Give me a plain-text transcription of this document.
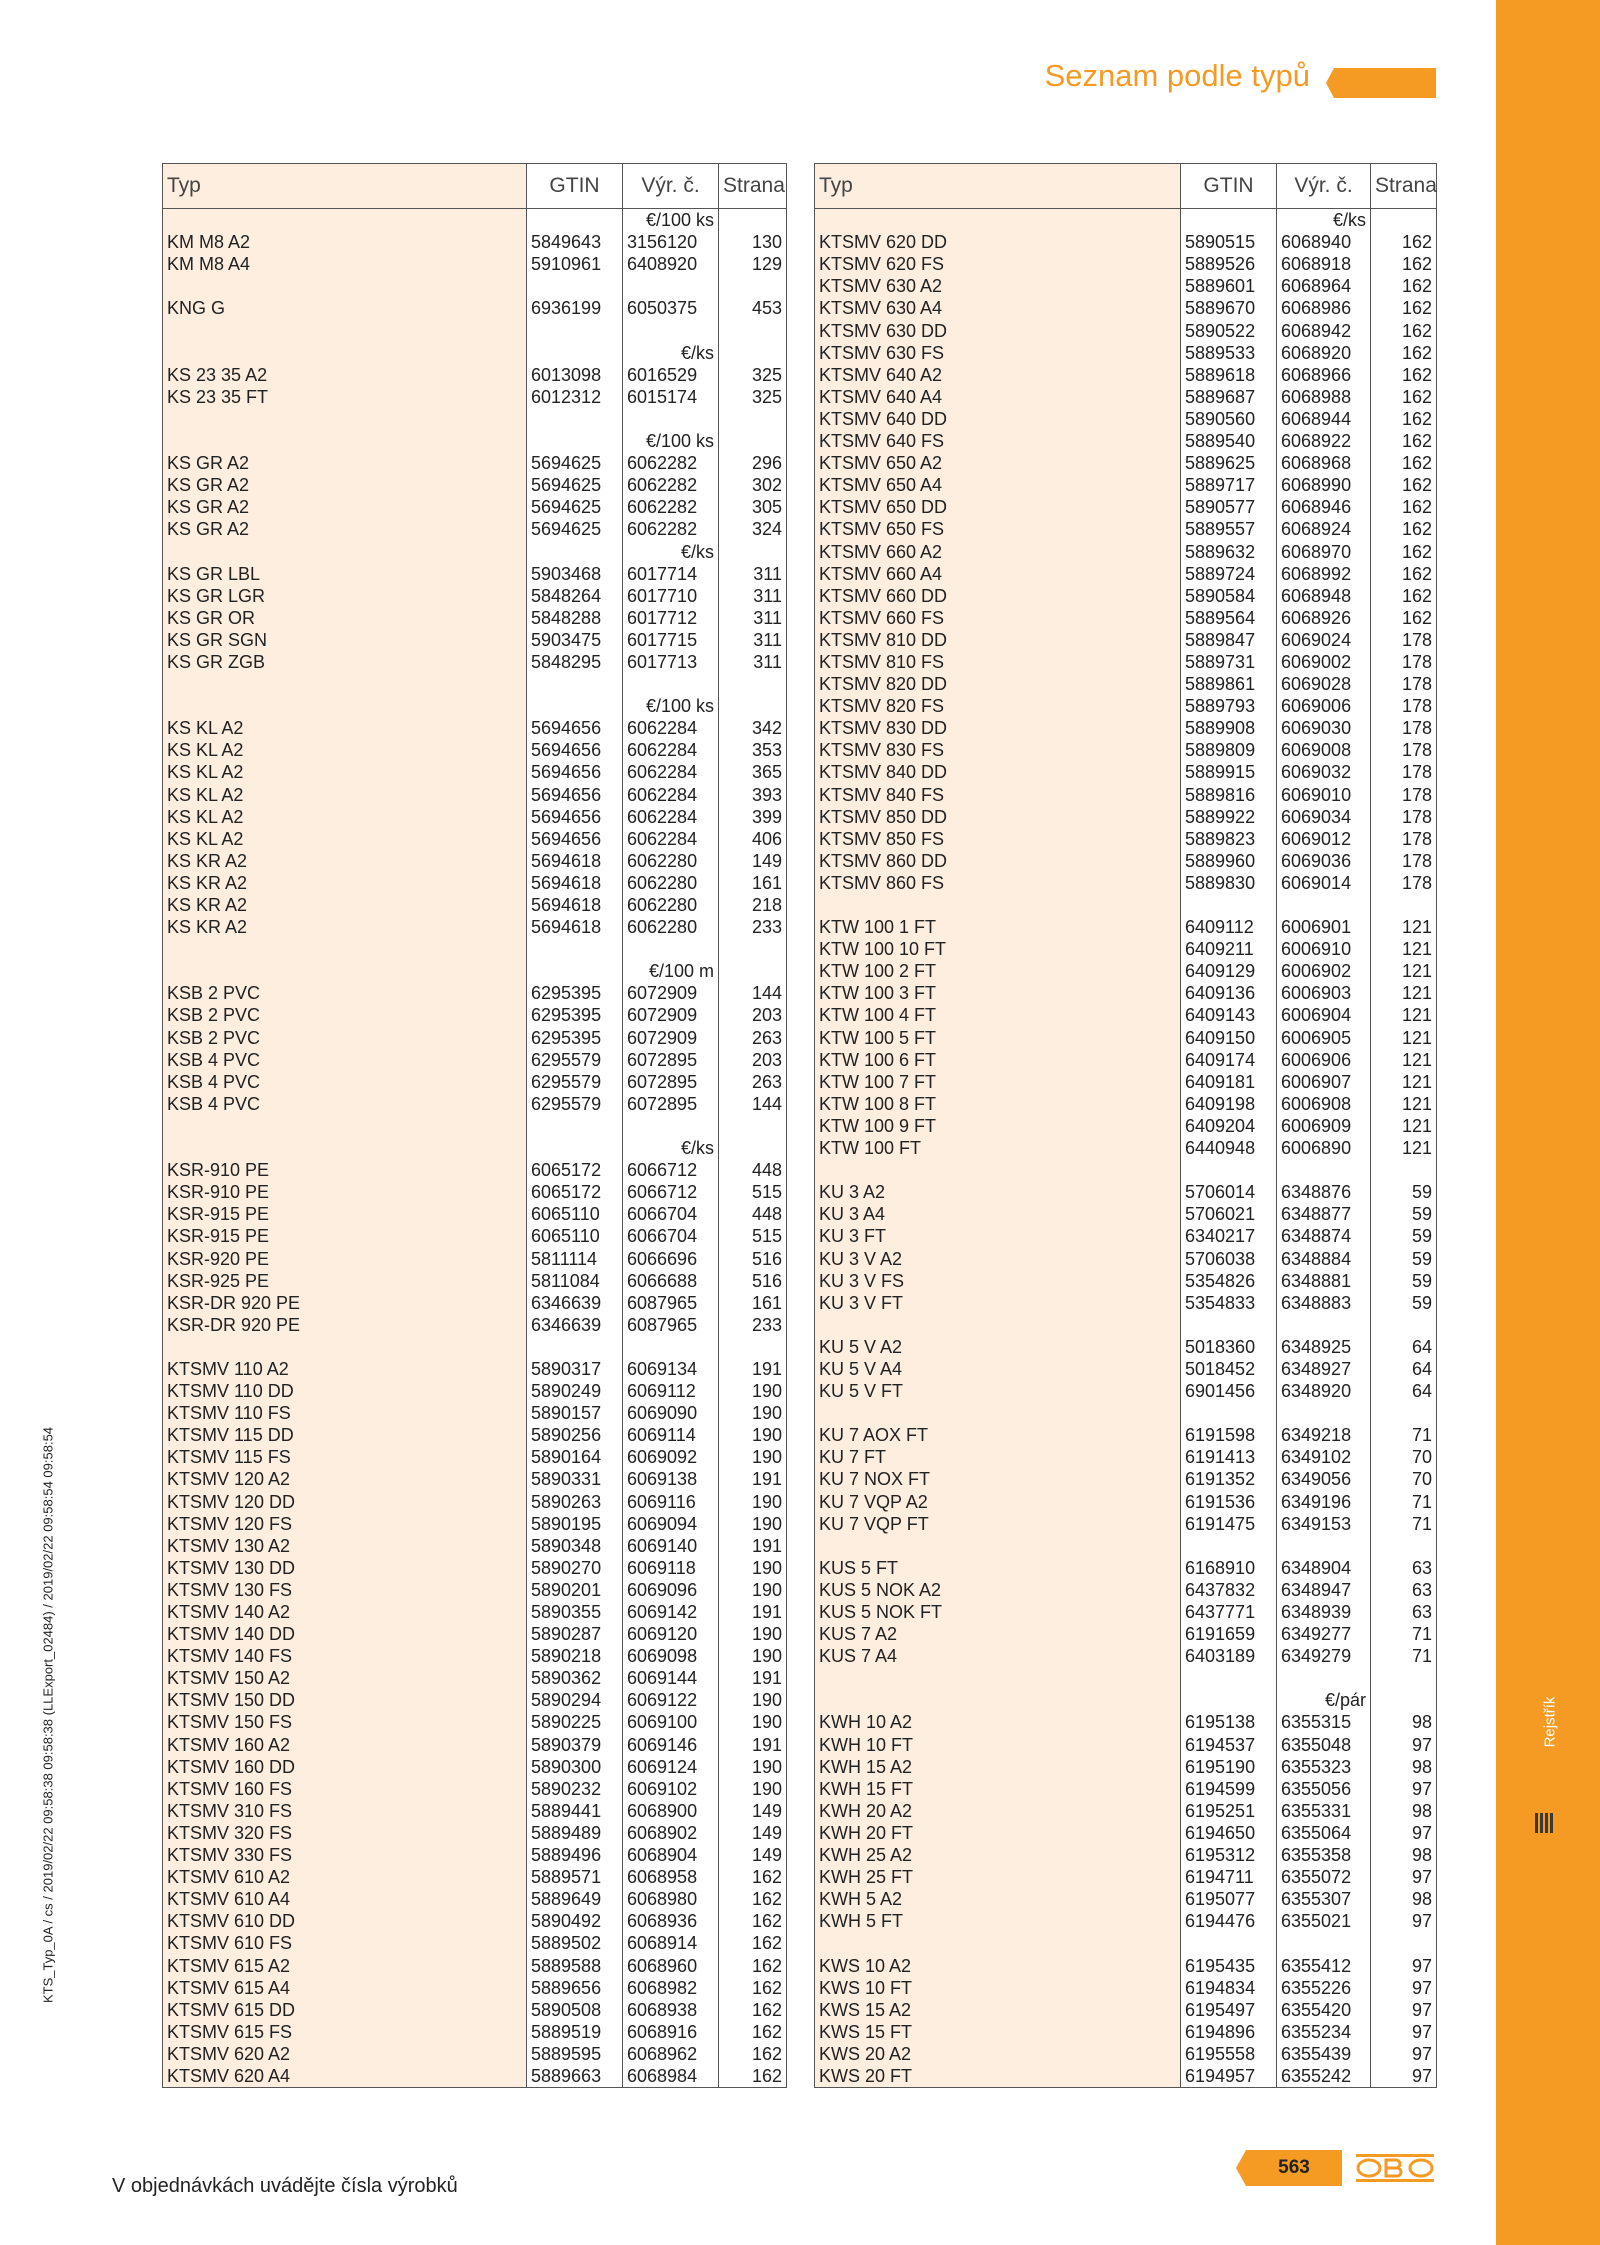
Rejstřík
Seznam podle typů
Typ	GTIN	Výr. č.	Strana
		€/100 ks	
KM M8 A2	5849643	3156120	130
KM M8 A4	5910961	6408920	129

KNG G	6936199	6050375	453

		€/ks	
KS 23 35 A2	6013098	6016529	325
KS 23 35 FT	6012312	6015174	325

		€/100 ks	
KS GR A2	5694625	6062282	296
KS GR A2	5694625	6062282	302
KS GR A2	5694625	6062282	305
KS GR A2	5694625	6062282	324
		€/ks	
KS GR LBL	5903468	6017714	311
KS GR LGR	5848264	6017710	311
KS GR OR	5848288	6017712	311
KS GR SGN	5903475	6017715	311
KS GR ZGB	5848295	6017713	311

		€/100 ks	
KS KL A2	5694656	6062284	342
KS KL A2	5694656	6062284	353
KS KL A2	5694656	6062284	365
KS KL A2	5694656	6062284	393
KS KL A2	5694656	6062284	399
KS KL A2	5694656	6062284	406
KS KR A2	5694618	6062280	149
KS KR A2	5694618	6062280	161
KS KR A2	5694618	6062280	218
KS KR A2	5694618	6062280	233

		€/100 m	
KSB 2 PVC	6295395	6072909	144
KSB 2 PVC	6295395	6072909	203
KSB 2 PVC	6295395	6072909	263
KSB 4 PVC	6295579	6072895	203
KSB 4 PVC	6295579	6072895	263
KSB 4 PVC	6295579	6072895	144

		€/ks	
KSR-910 PE	6065172	6066712	448
KSR-910 PE	6065172	6066712	515
KSR-915 PE	6065110	6066704	448
KSR-915 PE	6065110	6066704	515
KSR-920 PE	5811114	6066696	516
KSR-925 PE	5811084	6066688	516
KSR-DR 920 PE	6346639	6087965	161
KSR-DR 920 PE	6346639	6087965	233

KTSMV 110 A2	5890317	6069134	191
KTSMV 110 DD	5890249	6069112	190
KTSMV 110 FS	5890157	6069090	190
KTSMV 115 DD	5890256	6069114	190
KTSMV 115 FS	5890164	6069092	190
KTSMV 120 A2	5890331	6069138	191
KTSMV 120 DD	5890263	6069116	190
KTSMV 120 FS	5890195	6069094	190
KTSMV 130 A2	5890348	6069140	191
KTSMV 130 DD	5890270	6069118	190
KTSMV 130 FS	5890201	6069096	190
KTSMV 140 A2	5890355	6069142	191
KTSMV 140 DD	5890287	6069120	190
KTSMV 140 FS	5890218	6069098	190
KTSMV 150 A2	5890362	6069144	191
KTSMV 150 DD	5890294	6069122	190
KTSMV 150 FS	5890225	6069100	190
KTSMV 160 A2	5890379	6069146	191
KTSMV 160 DD	5890300	6069124	190
KTSMV 160 FS	5890232	6069102	190
KTSMV 310 FS	5889441	6068900	149
KTSMV 320 FS	5889489	6068902	149
KTSMV 330 FS	5889496	6068904	149
KTSMV 610 A2	5889571	6068958	162
KTSMV 610 A4	5889649	6068980	162
KTSMV 610 DD	5890492	6068936	162
KTSMV 610 FS	5889502	6068914	162
KTSMV 615 A2	5889588	6068960	162
KTSMV 615 A4	5889656	6068982	162
KTSMV 615 DD	5890508	6068938	162
KTSMV 615 FS	5889519	6068916	162
KTSMV 620 A2	5889595	6068962	162
KTSMV 620 A4	5889663	6068984	162
Typ	GTIN	Výr. č.	Strana
		€/ks	
KTSMV 620 DD	5890515	6068940	162
KTSMV 620 FS	5889526	6068918	162
KTSMV 630 A2	5889601	6068964	162
KTSMV 630 A4	5889670	6068986	162
KTSMV 630 DD	5890522	6068942	162
KTSMV 630 FS	5889533	6068920	162
KTSMV 640 A2	5889618	6068966	162
KTSMV 640 A4	5889687	6068988	162
KTSMV 640 DD	5890560	6068944	162
KTSMV 640 FS	5889540	6068922	162
KTSMV 650 A2	5889625	6068968	162
KTSMV 650 A4	5889717	6068990	162
KTSMV 650 DD	5890577	6068946	162
KTSMV 650 FS	5889557	6068924	162
KTSMV 660 A2	5889632	6068970	162
KTSMV 660 A4	5889724	6068992	162
KTSMV 660 DD	5890584	6068948	162
KTSMV 660 FS	5889564	6068926	162
KTSMV 810 DD	5889847	6069024	178
KTSMV 810 FS	5889731	6069002	178
KTSMV 820 DD	5889861	6069028	178
KTSMV 820 FS	5889793	6069006	178
KTSMV 830 DD	5889908	6069030	178
KTSMV 830 FS	5889809	6069008	178
KTSMV 840 DD	5889915	6069032	178
KTSMV 840 FS	5889816	6069010	178
KTSMV 850 DD	5889922	6069034	178
KTSMV 850 FS	5889823	6069012	178
KTSMV 860 DD	5889960	6069036	178
KTSMV 860 FS	5889830	6069014	178

KTW 100 1 FT	6409112	6006901	121
KTW 100 10 FT	6409211	6006910	121
KTW 100 2 FT	6409129	6006902	121
KTW 100 3 FT	6409136	6006903	121
KTW 100 4 FT	6409143	6006904	121
KTW 100 5 FT	6409150	6006905	121
KTW 100 6 FT	6409174	6006906	121
KTW 100 7 FT	6409181	6006907	121
KTW 100 8 FT	6409198	6006908	121
KTW 100 9 FT	6409204	6006909	121
KTW 100 FT	6440948	6006890	121

KU 3 A2	5706014	6348876	59
KU 3 A4	5706021	6348877	59
KU 3 FT	6340217	6348874	59
KU 3 V A2	5706038	6348884	59
KU 3 V FS	5354826	6348881	59
KU 3 V FT	5354833	6348883	59

KU 5 V A2	5018360	6348925	64
KU 5 V A4	5018452	6348927	64
KU 5 V FT	6901456	6348920	64

KU 7 AOX FT	6191598	6349218	71
KU 7 FT	6191413	6349102	70
KU 7 NOX FT	6191352	6349056	70
KU 7 VQP A2	6191536	6349196	71
KU 7 VQP FT	6191475	6349153	71

KUS 5 FT	6168910	6348904	63
KUS 5 NOK A2	6437832	6348947	63
KUS 5 NOK FT	6437771	6348939	63
KUS 7 A2	6191659	6349277	71
KUS 7 A4	6403189	6349279	71

		€/pár	
KWH 10 A2	6195138	6355315	98
KWH 10 FT	6194537	6355048	97
KWH 15 A2	6195190	6355323	98
KWH 15 FT	6194599	6355056	97
KWH 20 A2	6195251	6355331	98
KWH 20 FT	6194650	6355064	97
KWH 25 A2	6195312	6355358	98
KWH 25 FT	6194711	6355072	97
KWH 5 A2	6195077	6355307	98
KWH 5 FT	6194476	6355021	97

KWS 10 A2	6195435	6355412	97
KWS 10 FT	6194834	6355226	97
KWS 15 A2	6195497	6355420	97
KWS 15 FT	6194896	6355234	97
KWS 20 A2	6195558	6355439	97
KWS 20 FT	6194957	6355242	97
KTS_Typ_0A / cs / 2019/02/22 09:58:38 09:58:38 (LLExport_02484) / 2019/02/22 09:58:54 09:58:54
V objednávkách uvádějte čísla výrobků
563
